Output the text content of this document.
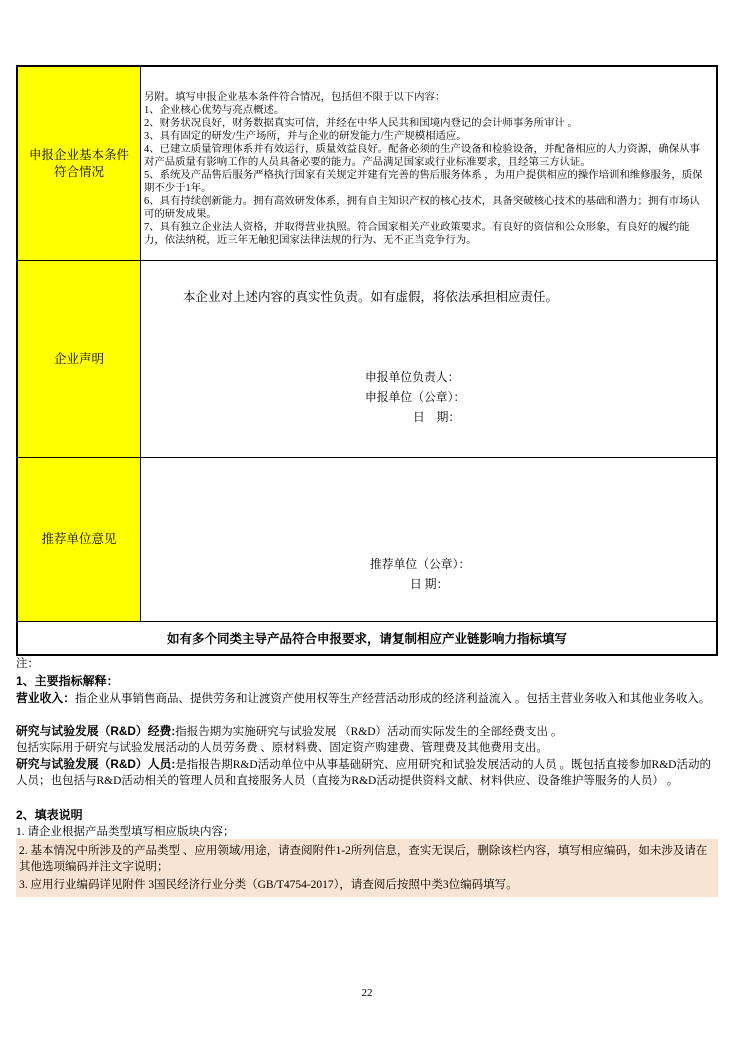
申报企业基本条件符合情况
另附。填写申报企业基本条件符合情况，包括但不限于以下内容：
1、企业核心优势与亮点概述。
2、财务状况良好，财务数据真实可信，并经在中华人民共和国境内登记的会计师事务所审计 。
3、具有固定的研发/生产场所，并与企业的研发能力/生产规模相适应。
4、已建立质量管理体系并有效运行，质量效益良好。配备必须的生产设备和检验设备，并配备相应的人力资源，确保从事对产品质量有影响工作的人员具备必要的能力。产品满足国家或行业标准要求，且经第三方认证。
5、系统及产品售后服务严格执行国家有关规定并建有完善的售后服务体系 ，为用户提供相应的操作培训和维修服务，质保期不少于1年。
6、具有持续创新能力。拥有高效研发体系，拥有自主知识产权的核心技术，具备突破核心技术的基础和潜力；拥有市场认可的研发成果。
7、具有独立企业法人资格，并取得营业执照。符合国家相关产业政策要求。有良好的资信和公众形象，有良好的履约能力，依法纳税，近三年无触犯国家法律法规的行为、无不正当竞争行为。
企业声明
本企业对上述内容的真实性负责。如有虚假，将依法承担相应责任。
申报单位负责人：
申报单位（公章）：
日　期：
推荐单位意见
推荐单位（公章）：
日 期：
如有多个同类主导产品符合申报要求，请复制相应产业链影响力指标填写
注：
1、主要指标解释：
营业收入：指企业从事销售商品、提供劳务和让渡资产使用权等生产经营活动形成的经济利益流入 。包括主营业务收入和其他业务收入。
研究与试验发展（R&D）经费:指报告期为实施研究与试验发展 （R&D）活动而实际发生的全部经费支出 。
包括实际用于研究与试验发展活动的人员劳务费 、原材料费、固定资产购建费、管理费及其他费用支出。
研究与试验发展（R&D）人员:是指报告期R&D活动单位中从事基础研究、应用研究和试验发展活动的人员 。既包括直接参加R&D活动的人员；也包括与R&D活动相关的管理人员和直接服务人员（直接为R&D活动提供资料文献、材料供应、设备维护等服务的人员） 。
2、填表说明
1. 请企业根据产品类型填写相应版块内容；
2. 基本情况中所涉及的产品类型 、应用领域/用途，请查阅附件1-2所列信息，查实无误后，删除该栏内容，填写相应编码，如未涉及请在其他选项编码并注文字说明；
3. 应用行业编码详见附件 3国民经济行业分类（GB/T4754-2017），请查阅后按照中类3位编码填写。
22
